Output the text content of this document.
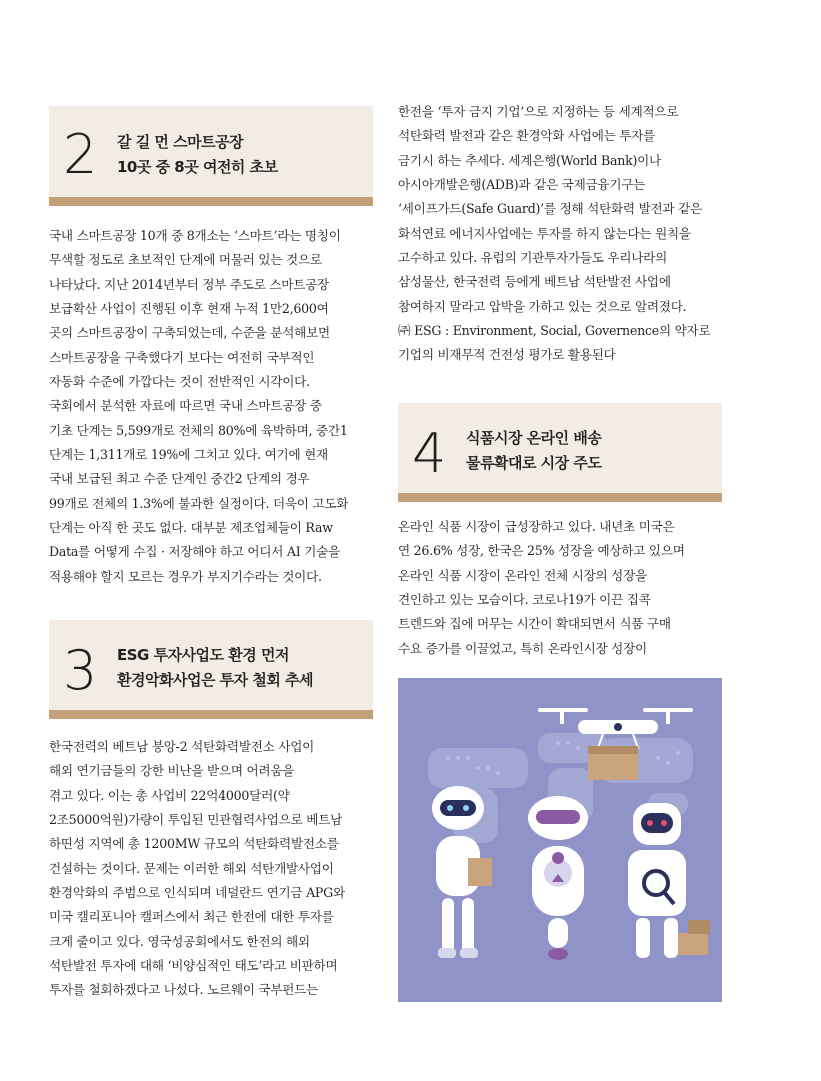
2 갈 길 먼 스마트공장
10곳 중 8곳 여전히 초보
국내 스마트공장 10개 중 8개소는 ‘스마트’라는 명칭이
무색할 정도로 초보적인 단계에 머물러 있는 것으로
나타났다. 지난 2014년부터 정부 주도로 스마트공장
보급확산 사업이 진행된 이후 현재 누적 1만2,600여
곳의 스마트공장이 구축되었는데, 수준을 분석해보면
스마트공장을 구축했다기 보다는 여전히 국부적인
자동화 수준에 가깝다는 것이 전반적인 시각이다.
국회에서 분석한 자료에 따르면 국내 스마트공장 중
기초 단계는 5,599개로 전체의 80%에 육박하며, 중간1
단계는 1,311개로 19%에 그치고 있다. 여기에 현재
국내 보급된 최고 수준 단계인 중간2 단계의 경우
99개로 전체의 1.3%에 불과한 실정이다. 더욱이 고도화
단계는 아직 한 곳도 없다. 대부분 제조업체들이 Raw
Data를 어떻게 수집 · 저장해야 하고 어디서 AI 기술을
적용해야 할지 모르는 경우가 부지기수라는 것이다.
3 ESG 투자사업도 환경 먼저
환경악화사업은 투자 철회 추세
한국전력의 베트남 붕앙-2 석탄화력발전소 사업이
해외 연기금들의 강한 비난을 받으며 어려움을
겪고 있다. 이는 총 사업비 22억4000달러(약
2조5000억원)가량이 투입된 민관협력사업으로 베트남
하띤성 지역에 총 1200MW 규모의 석탄화력발전소를
건설하는 것이다. 문제는 이러한 해외 석탄개발사업이
환경악화의 주범으로 인식되며 네덜란드 연기금 APG와
미국 캘리포니아 캘퍼스에서 최근 한전에 대한 투자를
크게 줄이고 있다. 영국성공회에서도 한전의 해외
석탄발전 투자에 대해 ‘비양심적인 태도’라고 비판하며
투자를 철회하겠다고 나섰다. 노르웨이 국부펀드는
한전을 ‘투자 금지 기업’으로 지정하는 등 세계적으로
석탄화력 발전과 같은 환경악화 사업에는 투자를
금기시 하는 추세다. 세계은행(World Bank)이나
아시아개발은행(ADB)과 같은 국제금융기구는
‘세이프가드(Safe Guard)’를 정해 석탄화력 발전과 같은
화석연료 에너지사업에는 투자를 하지 않는다는 원칙을
고수하고 있다. 유럽의 기관투자가들도 우리나라의
삼성물산, 한국전력 등에게 베트남 석탄발전 사업에
참여하지 말라고 압박을 가하고 있는 것으로 알려졌다.
㈜ ESG : Environment, Social, Governence의 약자로
기업의 비재무적 건전성 평가로 활용된다
4 식품시장 온라인 배송
물류확대로 시장 주도
온라인 식품 시장이 급성장하고 있다. 내년초 미국은
연 26.6% 성장, 한국은 25% 성장을 예상하고 있으며
온라인 식품 시장이 온라인 전체 시장의 성장을
견인하고 있는 모습이다. 코로나19가 이끈 집콕
트렌드와 집에 머무는 시간이 확대되면서 식품 구매
수요 증가를 이끌었고, 특히 온라인시장 성장이
